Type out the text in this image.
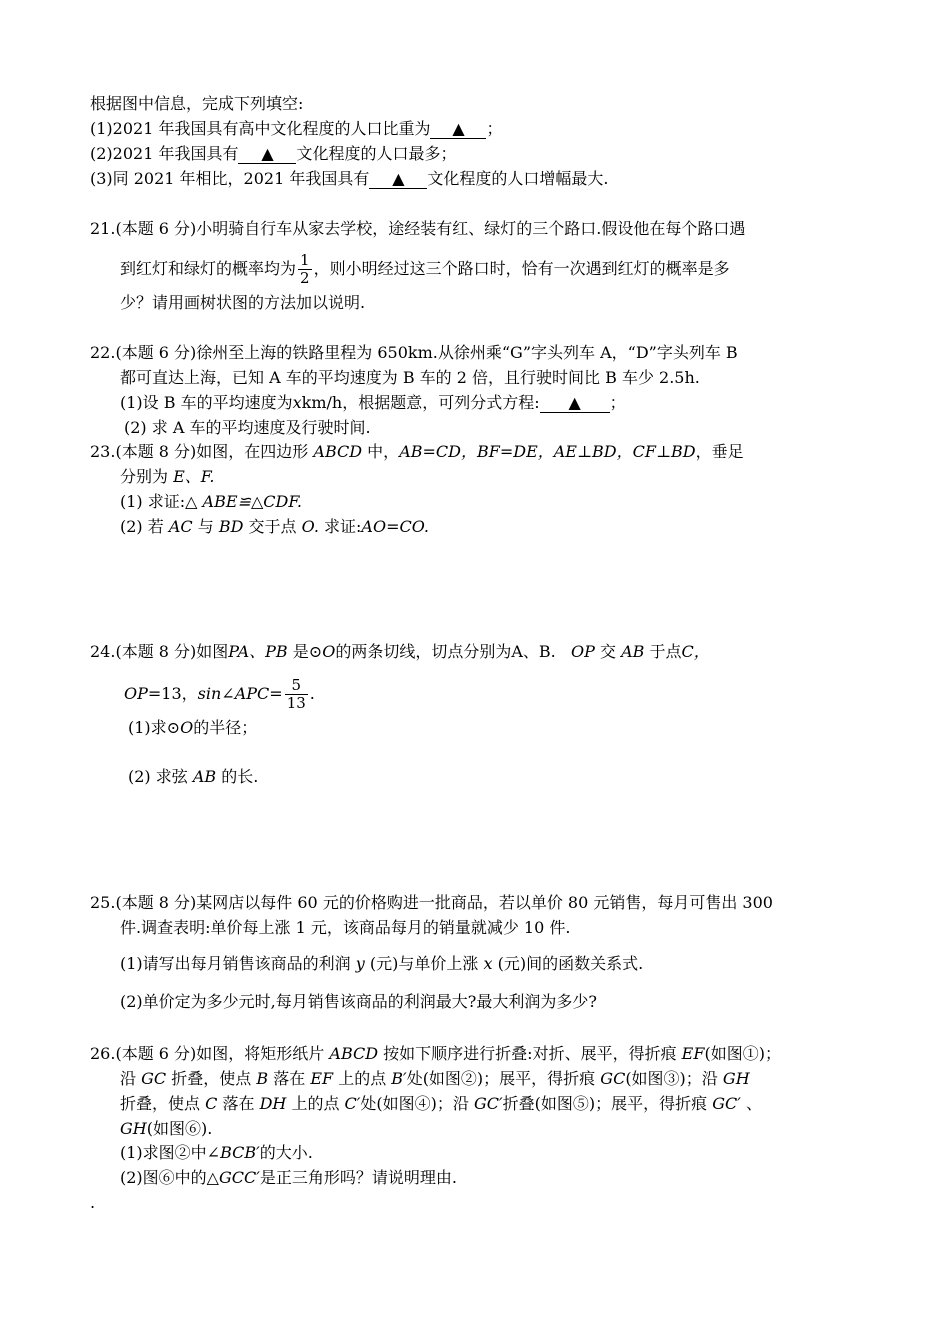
根据图中信息，完成下列填空:
(1)2021 年我国具有高中文化程度的人口比重为 ▲ ；
(2)2021 年我国具有 ▲ 文化程度的人口最多；
(3)同 2021 年相比，2021 年我国具有 ▲ 文化程度的人口增幅最大.
21.(本题 6 分)小明骑自行车从家去学校，途经装有红、绿灯的三个路口.假设他在每个路口遇
到红灯和绿灯的概率均为 $\frac{1}{2}$ ，则小明经过这三个路口时，恰有一次遇到红灯的概率是多
少？请用画树状图的方法加以说明.
22.(本题 6 分)徐州至上海的铁路里程为 650km.从徐州乘“G”字头列车 A，“D”字头列车 B
都可直达上海，已知 A 车的平均速度为 B 车的 2 倍，且行驶时间比 B 车少 2.5h.
(1)设 B 车的平均速度为xkm/h，根据题意，可列分式方程: ▲ ；
(2) 求 A 车的平均速度及行驶时间.
23.(本题 8 分)如图，在四边形 ABCD 中，AB=CD，BF=DE，AE⊥BD，CF⊥BD，垂足
分别为 E、F.
(1) 求证:△ ABE≌△CDF.
(2) 若 AC 与 BD 交于点 O. 求证:AO=CO.
24.(本题 8 分)如图PA、PB 是⊙O的两条切线，切点分别为A、B. OP 交 AB 于点C，
OP=13，sin∠APC= $\frac{5}{13}$ .
(1)求⊙O的半径；
(2) 求弦 AB 的长.
25.(本题 8 分)某网店以每件 60 元的价格购进一批商品，若以单价 80 元销售，每月可售出 300
件.调查表明:单价每上涨 1 元，该商品每月的销量就减少 10 件.
(1)请写出每月销售该商品的利润 y (元)与单价上涨 x (元)间的函数关系式.
(2)单价定为多少元时,每月销售该商品的利润最大?最大利润为多少?
26.(本题 6 分)如图，将矩形纸片 ABCD 按如下顺序进行折叠:对折、展平，得折痕 EF(如图①)；
沿 GC 折叠，使点 B 落在 EF 上的点 B′处(如图②)；展平，得折痕 GC(如图③)；沿 GH
折叠，使点 C 落在 DH 上的点 C′处(如图④)；沿 GC′折叠(如图⑤)；展平，得折痕 GC′ 、
GH(如图⑥).
(1)求图②中∠BCB′的大小.
(2)图⑥中的△GCC′是正三角形吗？请说明理由.
.
